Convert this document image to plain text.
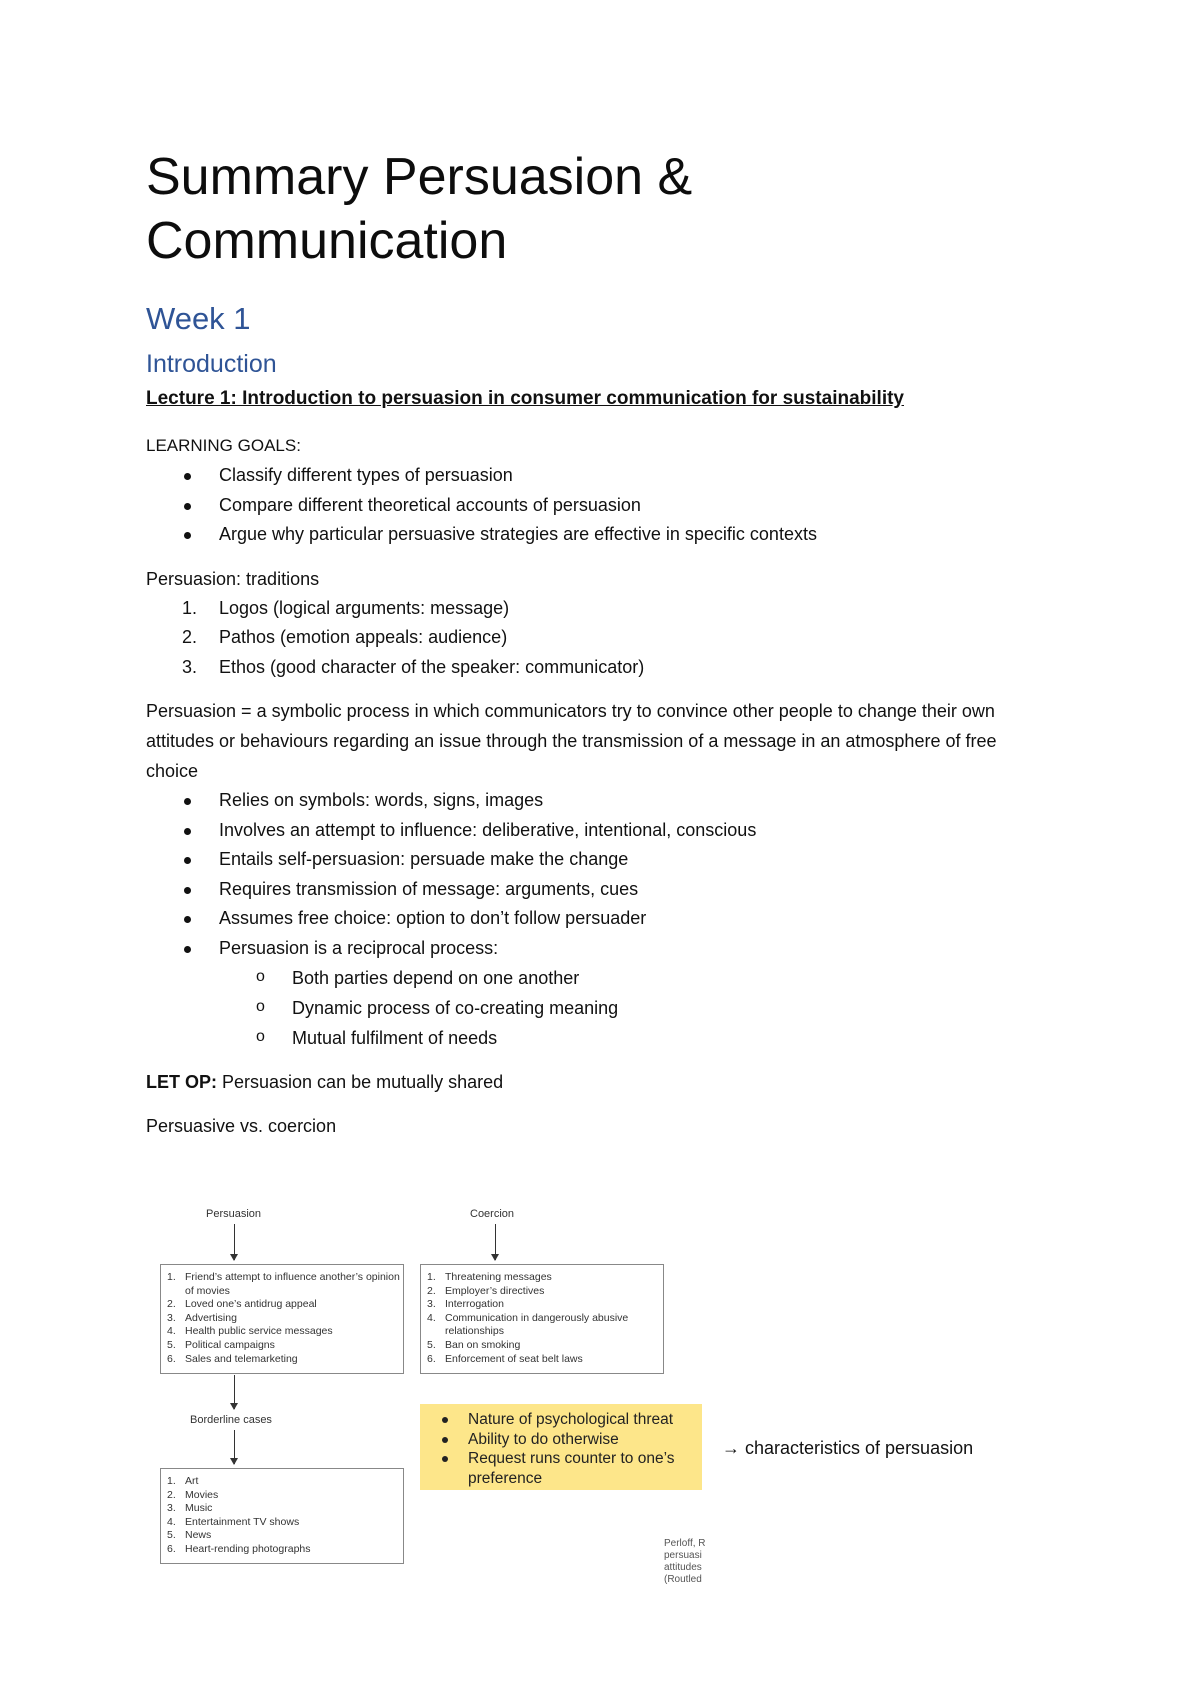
Summary Persuasion & Communication
Week 1
Introduction
Lecture 1: Introduction to persuasion in consumer communication for sustainability

LEARNING GOALS:

Classify different types of persuasion
Compare different theoretical accounts of persuasion
Argue why particular persuasive strategies are effective in specific contexts

Persuasion: traditions

1. Logos (logical arguments: message)
2. Pathos (emotion appeals: audience)
3. Ethos (good character of the speaker: communicator)

Persuasion = a symbolic process in which communicators try to convince other people to change their own attitudes or behaviours regarding an issue through the transmission of a message in an atmosphere of free choice

Relies on symbols: words, signs, images
Involves an attempt to influence: deliberative, intentional, conscious
Entails self-persuasion: persuade make the change
Requires transmission of message: arguments, cues
Assumes free choice: option to don’t follow persuader
Persuasion is a reciprocal process:
o Both parties depend on one another
o Dynamic process of co-creating meaning
o Mutual fulfilment of needs

LET OP: Persuasion can be mutually shared

Persuasive vs. coercion

Persuasion	Coercion
1. Friend’s attempt to influence another’s opinion of movies
2. Loved one’s antidrug appeal
3. Advertising
4. Health public service messages
5. Political campaigns
6. Sales and telemarketing
1. Threatening messages
2. Employer’s directives
3. Interrogation
4. Communication in dangerously abusive relationships
5. Ban on smoking
6. Enforcement of seat belt laws
Borderline cases
1. Art
2. Movies
3. Music
4. Entertainment TV shows
5. News
6. Heart-rending photographs
Nature of psychological threat
Ability to do otherwise
Request runs counter to one’s preference
→ characteristics of persuasion
Perloff, R
persuasi
attitudes
(Routled
